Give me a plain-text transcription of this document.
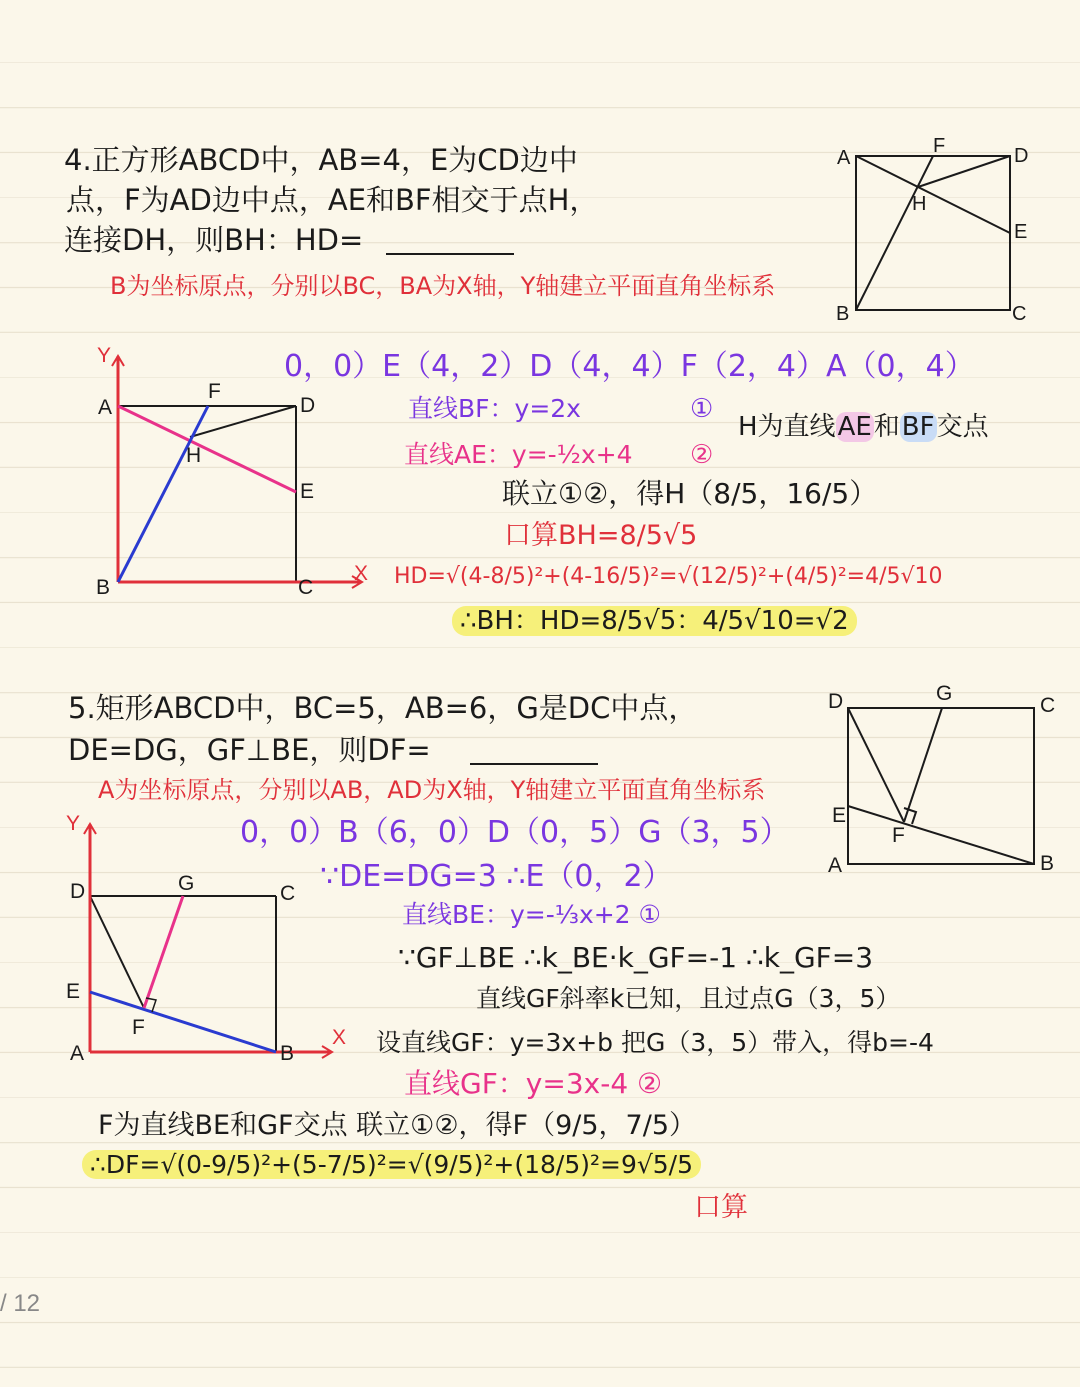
4.正方形ABCD中，AB=4，E为CD边中
点，F为AD边中点，AE和BF相交于点H，
连接DH，则BH：HD=
B为坐标原点，分别以BC，BA为X轴，Y轴建立平面直角坐标系
0，0）E（4，2）D（4，4）F（2，4）A（0，4）
直线BF：y=2x	①
H为直线AE和BF交点
直线AE：y=-½x+4 ②
联立①②，得H（8/5，16/5）
口算BH=8/5√5
HD=√(4-8/5)²+(4-16/5)²=√(12/5)²+(4/5)²=4/5√10
∴BH：HD=8/5√5：4/5√10=√2
5.矩形ABCD中，BC=5，AB=6，G是DC中点，
DE=DG，GF⊥BE，则DF=
A为坐标原点，分别以AB，AD为X轴，Y轴建立平面直角坐标系
0，0）B（6，0）D（0，5）G（3，5）
∵DE=DG=3 ∴E（0，2）
直线BE：y=-⅓x+2 ①
∵GF⊥BE ∴k_BE·k_GF=-1 ∴k_GF=3
直线GF斜率k已知，且过点G（3，5）
设直线GF：y=3x+b 把G（3，5）带入，得b=-4
直线GF：y=3x-4 ②
F为直线BE和GF交点 联立①②，得F（9/5，7/5）
∴DF=√(0-9/5)²+(5-7/5)²=√(9/5)²+(18/5)²=9√5/5
口算
/ 12
A
F	D
H
E
B	C
Y
X
A
F
D
H
E
B	C
D	G
C
E
F
A	B
Y
X
D	G	C
E
F
A	B
